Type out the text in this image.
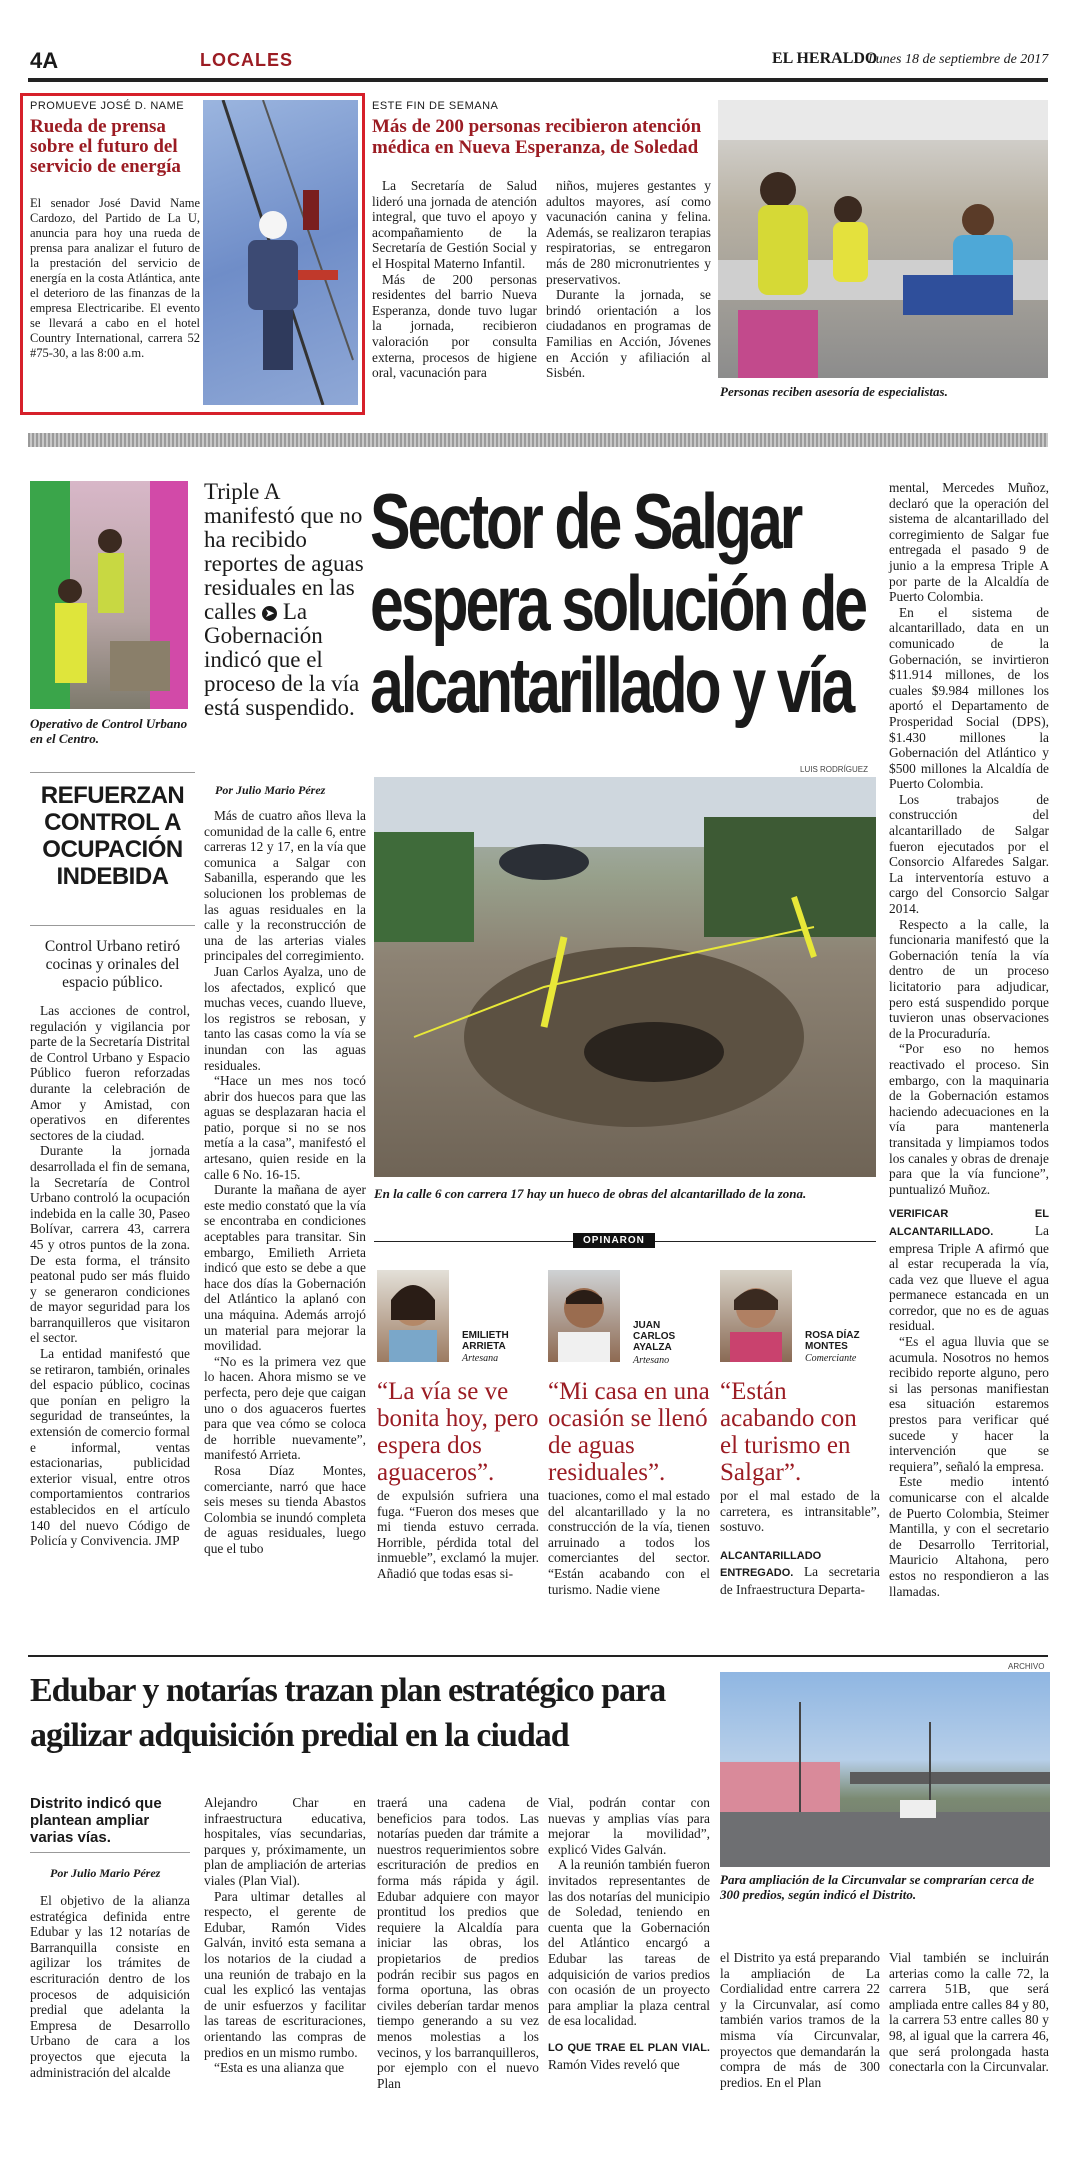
4A	LOCALES	EL HERALDO
Lunes 18 de septiembre de 2017
PROMUEVE JOSÉ D. NAME
Rueda de prensa sobre el futuro del servicio de energía
El senador José David Name Cardozo, del Partido de La U, anuncia para hoy una rueda de prensa para analizar el futuro de la prestación del servicio de energía en la costa Atlántica, ante el deterioro de las finanzas de la empresa Electricaribe. El evento se llevará a cabo en el hotel Country International, carrera 52 #75-30, a las 8:00 a.m.
ESTE FIN DE SEMANA
Más de 200 personas recibieron atención médica en Nueva Esperanza, de Soledad

La Secretaría de Salud lideró una jornada de atención integral, que tuvo el apoyo y acompañamiento de la Secretaría de Gestión Social y el Hospital Materno Infantil.

Más de 200 personas residentes del barrio Nueva Esperanza, donde tuvo lugar la jornada, recibieron valoración por consulta externa, procesos de higiene oral, vacunación para

niños, mujeres gestantes y adultos mayores, así como vacunación canina y felina. Además, se realizaron terapias respiratorias, se entregaron más de 280 micronutrientes y preservativos.

Durante la jornada, se brindó orientación a los ciudadanos en programas de Familias en Acción, Jóvenes en Acción y afiliación al Sisbén.

Personas reciben asesoría de especialistas.
Operativo de Control Urbano en el Centro.
REFUERZAN CONTROL A OCUPACIÓN INDEBIDA
Control Urbano retiró cocinas y orinales del espacio público.

Las acciones de control, regulación y vigilancia por parte de la Secretaría Distrital de Control Urbano y Espacio Público fueron reforzadas durante la celebración de Amor y Amistad, con operativos en diferentes sectores de la ciudad.

Durante la jornada desarrollada el fin de semana, la Secretaría de Control Urbano controló la ocupación indebida en la calle 30, Paseo Bolívar, carrera 43, carrera 45 y otros puntos de la zona. De esta forma, el tránsito peatonal pudo ser más fluido y se generaron condiciones de mayor seguridad para los barranquilleros que visitaron el sector.

La entidad manifestó que se retiraron, también, orinales del espacio público, cocinas que ponían en peligro la seguridad de transeúntes, la extensión de comercio formal e informal, ventas estacionarias, publicidad exterior visual, entre otros comportamientos contrarios establecidos en el artículo 140 del nuevo Código de Policía y Convivencia. JMP

Triple A manifestó que no ha recibido reportes de aguas residuales en las calles ➤ La Gobernación indicó que el proceso de la vía está suspendido.
Sector de Salgar espera solución de alcantarillado y vía
LUIS RODRÍGUEZ
En la calle 6 con carrera 17 hay un hueco de obras del alcantarillado de la zona.
Por Julio Mario Pérez

Más de cuatro años lleva la comunidad de la calle 6, entre carreras 12 y 17, en la vía que comunica a Salgar con Sabanilla, esperando que les solucionen los problemas de las aguas residuales en la calle y la reconstrucción de una de las arterias viales principales del corregimiento.

Juan Carlos Ayalza, uno de los afectados, explicó que muchas veces, cuando llueve, los registros se rebosan, y tanto las casas como la vía se inundan con las aguas residuales.

“Hace un mes nos tocó abrir dos huecos para que las aguas se desplazaran hacia el patio, porque si no se nos metía a la casa”, manifestó el artesano, quien reside en la calle 6 No. 16-15.

Durante la mañana de ayer este medio constató que la vía se encontraba en condiciones aceptables para transitar. Sin embargo, Emilieth Arrieta indicó que esto se debe a que hace dos días la Gobernación del Atlántico la aplanó con una máquina. Además arrojó un material para mejorar la movilidad.

“No es la primera vez que lo hacen. Ahora mismo se ve perfecta, pero deje que caigan uno o dos aguaceros fuertes para que vea cómo se coloca de horrible nuevamente”, manifestó Arrieta.

Rosa Díaz Montes, comerciante, narró que hace seis meses su tienda Abastos Colombia se inundó completa de aguas residuales, luego que el tubo

OPINARON
EMILIETH ARRIETA
Artesana
“La vía se ve bonita hoy, pero espera dos aguaceros”.
JUAN CARLOS AYALZA
Artesano
“Mi casa en una ocasión se llenó de aguas residuales”.
ROSA DÍAZ MONTES
Comerciante
“Están acabando con el turismo en Salgar”.

de expulsión sufriera una fuga. “Fueron dos meses que mi tienda estuvo cerrada. Horrible, pérdida total del inmueble”, exclamó la mujer. Añadió que todas esas si-

tuaciones, como el mal estado del alcantarillado y la no construcción de la vía, tienen arruinado a todos los comerciantes del sector. “Están acabando con el turismo. Nadie viene

por el mal estado de la carretera, es intransitable”, sostuvo.

ALCANTARILLADO ENTREGADO. La secretaria de Infraestructura Departa-

mental, Mercedes Muñoz, declaró que la operación del sistema de alcantarillado del corregimiento de Salgar fue entregada el pasado 9 de junio a la empresa Triple A por parte de la Alcaldía de Puerto Colombia.

En el sistema de alcantarillado, data en un comunicado de la Gobernación, se invirtieron $11.914 millones, de los cuales $9.984 millones los aportó el Departamento de Prosperidad Social (DPS), $1.430 millones la Gobernación del Atlántico y $500 millones la Alcaldía de Puerto Colombia.

Los trabajos de construcción del alcantarillado de Salgar fueron ejecutados por el Consorcio Alfaredes Salgar. La interventoría estuvo a cargo del Consorcio Salgar 2014.

Respecto a la calle, la funcionaria manifestó que la Gobernación tenía la vía dentro de un proceso licitatorio para adjudicar, pero está suspendido porque tuvieron unas observaciones de la Procuraduría.

“Por eso no hemos reactivado el proceso. Sin embargo, con la maquinaria de la Gobernación estamos haciendo adecuaciones en la vía para mantenerla transitada y limpiamos todos los canales y obras de drenaje para que la vía funcione”, puntualizó Muñoz.

VERIFICAR EL ALCANTARILLADO.	La empresa Triple A afirmó que al estar recuperada la vía, cada vez que llueve el agua permanece estancada en un corredor, que no es de aguas residual.

“Es el agua lluvia que se acumula. Nosotros no hemos recibido reporte alguno, pero si las personas manifiestan esa situación estaremos prestos para verificar qué sucede y hacer la intervención que se requiera”, señaló la empresa.

Este medio intentó comunicarse con el alcalde de Puerto Colombia, Steimer Mantilla, y con el secretario de Desarrollo Territorial, Mauricio Altahona, pero estos no respondieron a las llamadas.

ARCHIVO
Edubar y notarías trazan plan estratégico para agilizar adquisición predial en la ciudad
Distrito indicó que plantean ampliar varias vías.
Por Julio Mario Pérez

El objetivo de la alianza estratégica definida entre Edubar y las 12 notarías de Barranquilla consiste en agilizar los trámites de escrituración dentro de los procesos de adquisición predial que adelanta la Empresa de Desarrollo Urbano de cara a los proyectos que ejecuta la administración del alcalde

Alejandro Char en infraestructura educativa, hospitales, vías secundarias, parques y, próximamente, un plan de ampliación de arterias viales (Plan Vial).

Para ultimar detalles al respecto, el gerente de Edubar, Ramón Vides Galván, invitó esta semana a los notarios de la ciudad a una reunión de trabajo en la cual les explicó las ventajas de unir esfuerzos y facilitar las tareas de escrituraciones, orientando las compras de predios en un mismo rumbo.

“Esta es una alianza que

traerá una cadena de beneficios para todos. Las notarías pueden dar trámite a nuestros requerimientos sobre escrituración de predios en forma más rápida y ágil. Edubar adquiere con mayor prontitud los predios que requiere la Alcaldía para iniciar las obras, los propietarios de predios podrán recibir sus pagos en forma oportuna, las obras civiles deberían tardar menos tiempo generando a su vez menos molestias a los vecinos, y los barranquilleros, por ejemplo con el nuevo Plan

Vial, podrán contar con nuevas y amplias vías para mejorar la movilidad”, explicó Vides Galván.

A la reunión también fueron invitados representantes de las dos notarías del municipio de Soledad, teniendo en cuenta que la Gobernación del Atlántico encargó a Edubar las tareas de adquisición de varios predios con ocasión de un proyecto para ampliar la plaza central de esa localidad.

LO QUE TRAE EL PLAN VIAL. Ramón Vides reveló que

Para ampliación de la Circunvalar se comprarían cerca de 300 predios, según indicó el Distrito.

el Distrito ya está preparando la ampliación de La Cordialidad entre carrera 22 y la Circunvalar, así como también varios tramos de la misma vía Circunvalar, proyectos que demandarán la compra de más de 300 predios. En el Plan

Vial también se incluirán arterias como la calle 72, la carrera 51B, que será ampliada entre calles 84 y 80, la carrera 53 entre calles 80 y 98, al igual que la carrera 46, que será prolongada hasta conectarla con la Circunvalar.
